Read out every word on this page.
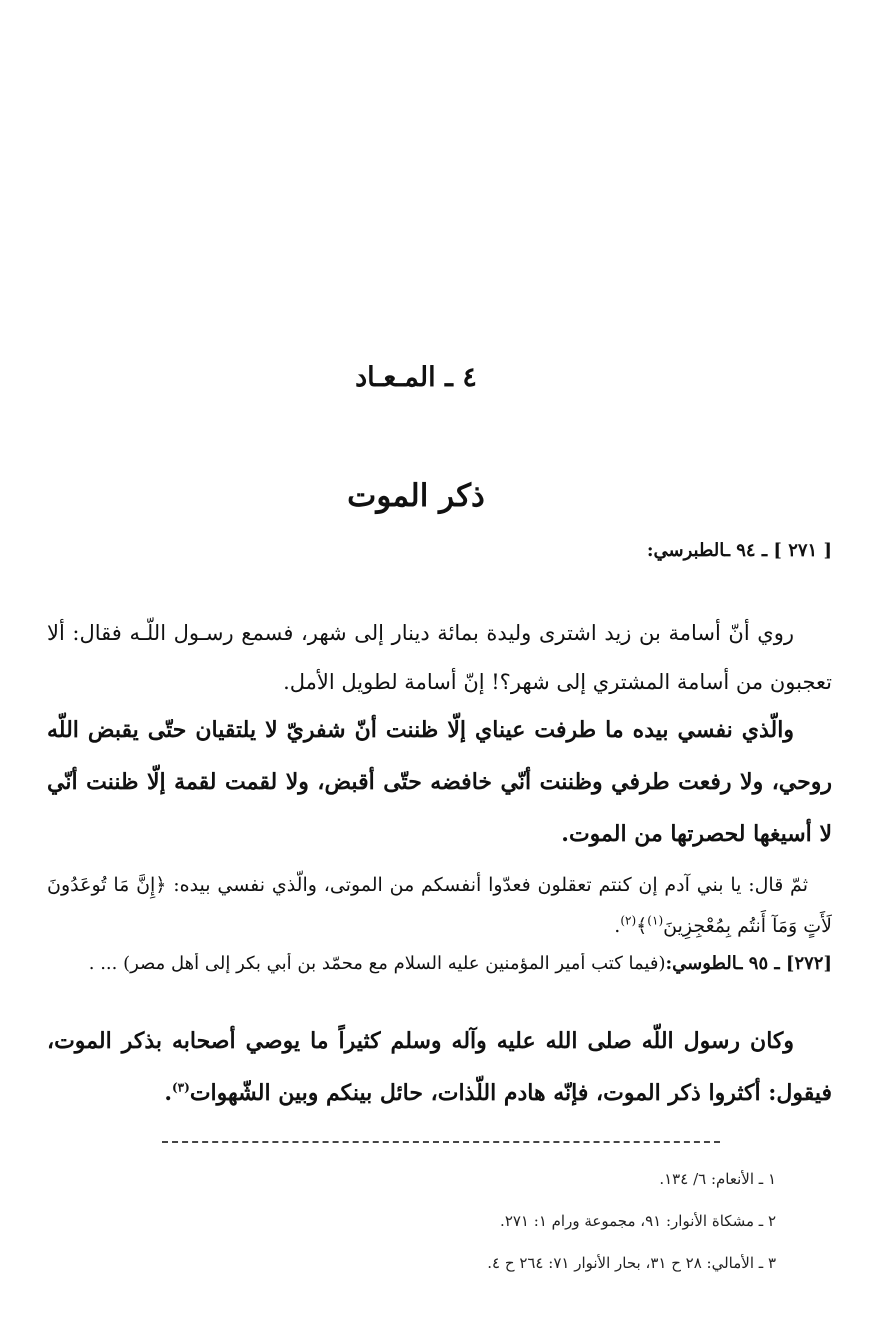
٤ ـ المـعـاد
ذكر الموت
[ ٢٧١ ] ـ ٩٤ ـالطبرسي:

روي أنّ أسامة بن زيد اشترى وليدة بمائة دينار إلى شهر، فسمع رسـول اللّـه فقال: ألا تعجبون من أسامة المشتري إلى شهر؟! إنّ أسامة لطويل الأمل.

والّذي نفسي بيده ما طرفت عيناي إلّا ظننت أنّ شفريّ لا يلتقيان حتّى يقبض اللّه روحي، ولا رفعت طرفي وظننت أنّي خافضه حتّى أقبض، ولا لقمت لقمة إلّا ظننت أنّي لا أسيغها لحصرتها من الموت.

ثمّ قال: يا بني آدم إن كنتم تعقلون فعدّوا أنفسكم من الموتى، والّذي نفسي بيده: ﴿إِنَّ مَا تُوعَدُونَ لَأَتٍ وَمَآ أَنتُم بِمُعْجِزِينَ$^{(١)}$﴾$^{(٢)}$.

[٢٧٢] ـ ٩٥ ـالطوسي:(فيما كتب أمير المؤمنين عليه السلام مع محمّد بن أبي بكر إلى أهل مصر) ... .

وكان رسول اللّه صلى الله عليه وآله وسلم كثيراً ما يوصي أصحابه بذكر الموت، فيقول: أكثروا ذكر الموت، فإنّه هادم اللّذات، حائل بينكم وبين الشّهوات$^{(٣)}$.

١ ـ الأنعام: ٦/ ١٣٤.
٢ ـ مشكاة الأنوار: ٩١، مجموعة ورام ١: ٢٧١.
٣ ـ الأمالي: ٢٨ ح ٣١، بحار الأنوار ٧١: ٢٦٤ ح ٤.
